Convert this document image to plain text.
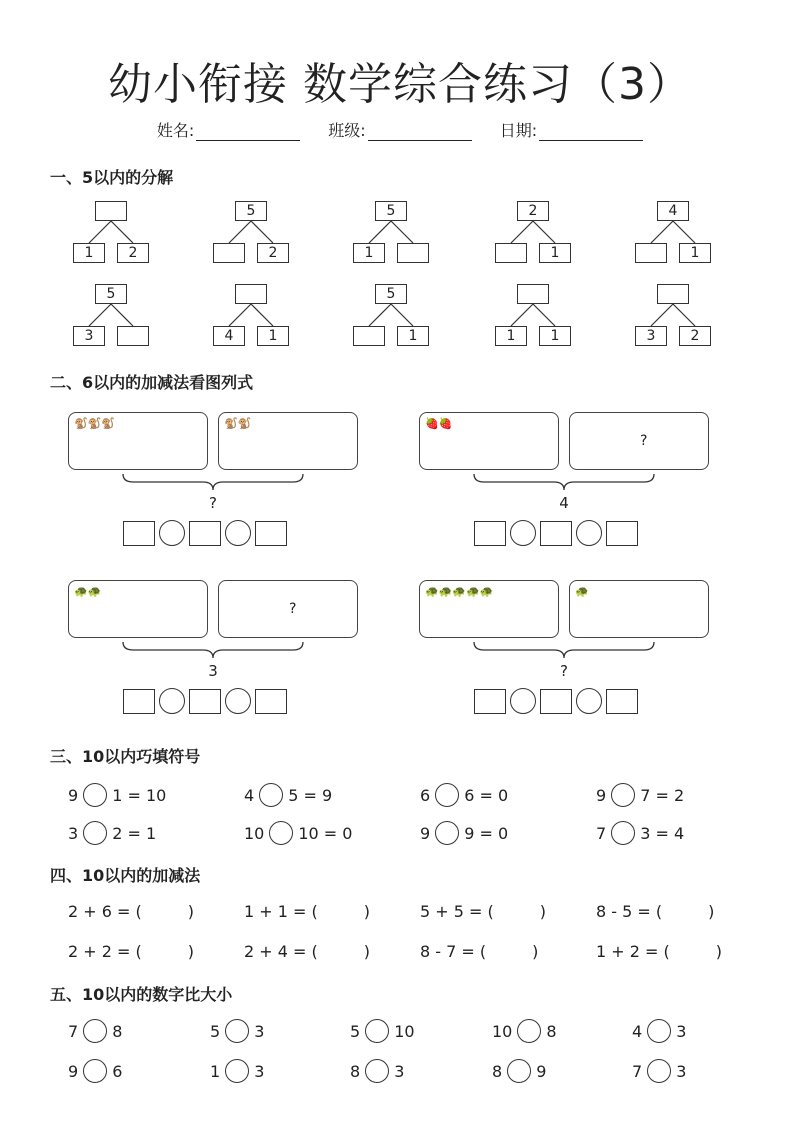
幼小衔接 数学综合练习（3）
姓名:	班级:	日期:
一、5以内的分解
1	2
5
2
5
1
2
1
4
1
5
3	4	1
5
1	1	1	3	2
二、6以内的加减法看图列式
🐒🐒🐒	🐒🐒
?
🍓🍓
?
4
🐢🐢
?
3
🐢🐢🐢🐢🐢	🐢
?
三、10以内巧填符号
9 1 = 10	4 5 = 9	6 6 = 0	9 7 = 2
3 2 = 1	10 10 = 0	9 9 = 0	7 3 = 4
四、10以内的加减法
2 + 6 = (	)	1 + 1 = (	)	5 + 5 = (	)	8 - 5 = (	)
2 + 2 = (	)	2 + 4 = (	)	8 - 7 = (	)	1 + 2 = (	)
五、10以内的数字比大小
7 8	5 3	5 10	10 8	4 3
9 6	1 3	8 3	8 9	7 3
